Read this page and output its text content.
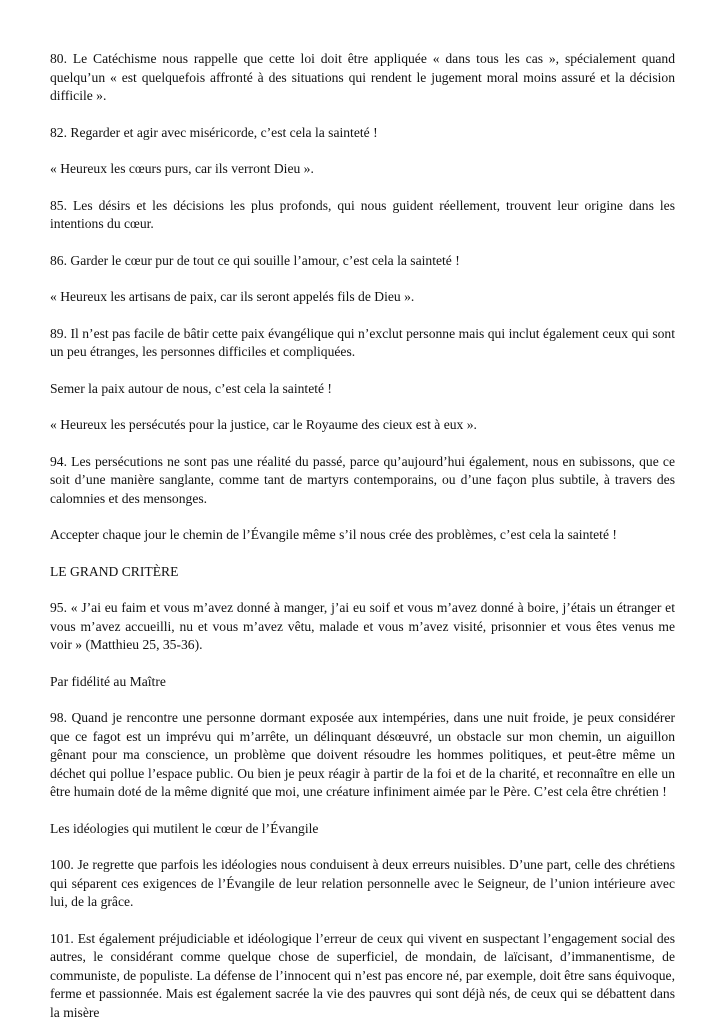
80. Le Catéchisme nous rappelle que cette loi doit être appliquée « dans tous les cas », spécialement quand quelqu’un « est quelquefois affronté à des situations qui rendent le jugement moral moins assuré et la décision difficile ».

82. Regarder et agir avec miséricorde, c’est cela la sainteté !

« Heureux les cœurs purs, car ils verront Dieu ».

85. Les désirs et les décisions les plus profonds, qui nous guident réellement, trouvent leur origine dans les intentions du cœur.

86. Garder le cœur pur de tout ce qui souille l’amour, c’est cela la sainteté !

« Heureux les artisans de paix, car ils seront appelés fils de Dieu ».

89. Il n’est pas facile de bâtir cette paix évangélique qui n’exclut personne mais qui inclut également ceux qui sont un peu étranges, les personnes difficiles et compliquées.

Semer la paix autour de nous, c’est cela la sainteté !

« Heureux les persécutés pour la justice, car le Royaume des cieux est à eux ».

94. Les persécutions ne sont pas une réalité du passé, parce qu’aujourd’hui également, nous en subissons, que ce soit d’une manière sanglante, comme tant de martyrs contemporains, ou d’une façon plus subtile, à travers des calomnies et des mensonges.

Accepter chaque jour le chemin de l’Évangile même s’il nous crée des problèmes, c’est cela la sainteté !

LE GRAND CRITÈRE

95. « J’ai eu faim et vous m’avez donné à manger, j’ai eu soif et vous m’avez donné à boire, j’étais un étranger et vous m’avez accueilli, nu et vous m’avez vêtu, malade et vous m’avez visité, prisonnier et vous êtes venus me voir » (Matthieu 25, 35-36).

Par fidélité au Maître

98. Quand je rencontre une personne dormant exposée aux intempéries, dans une nuit froide, je peux considérer que ce fagot est un imprévu qui m’arrête, un délinquant désœuvré, un obstacle sur mon chemin, un aiguillon gênant pour ma conscience, un problème que doivent résoudre les hommes politiques, et peut-être même un déchet qui pollue l’espace public. Ou bien je peux réagir à partir de la foi et de la charité, et reconnaître en elle un être humain doté de la même dignité que moi, une créature infiniment aimée par le Père. C’est cela être chrétien !

Les idéologies qui mutilent le cœur de l’Évangile

100. Je regrette que parfois les idéologies nous conduisent à deux erreurs nuisibles. D’une part, celle des chrétiens qui séparent ces exigences de l’Évangile de leur relation personnelle avec le Seigneur, de l’union intérieure avec lui, de la grâce.

101. Est également préjudiciable et idéologique l’erreur de ceux qui vivent en suspectant l’engagement social des autres, le considérant comme quelque chose de superficiel, de mondain, de laïcisant, d’immanentisme, de communiste, de populiste. La défense de l’innocent qui n’est pas encore né, par exemple, doit être sans équivoque, ferme et passionnée. Mais est également sacrée la vie des pauvres qui sont déjà nés, de ceux qui se débattent dans la misère
